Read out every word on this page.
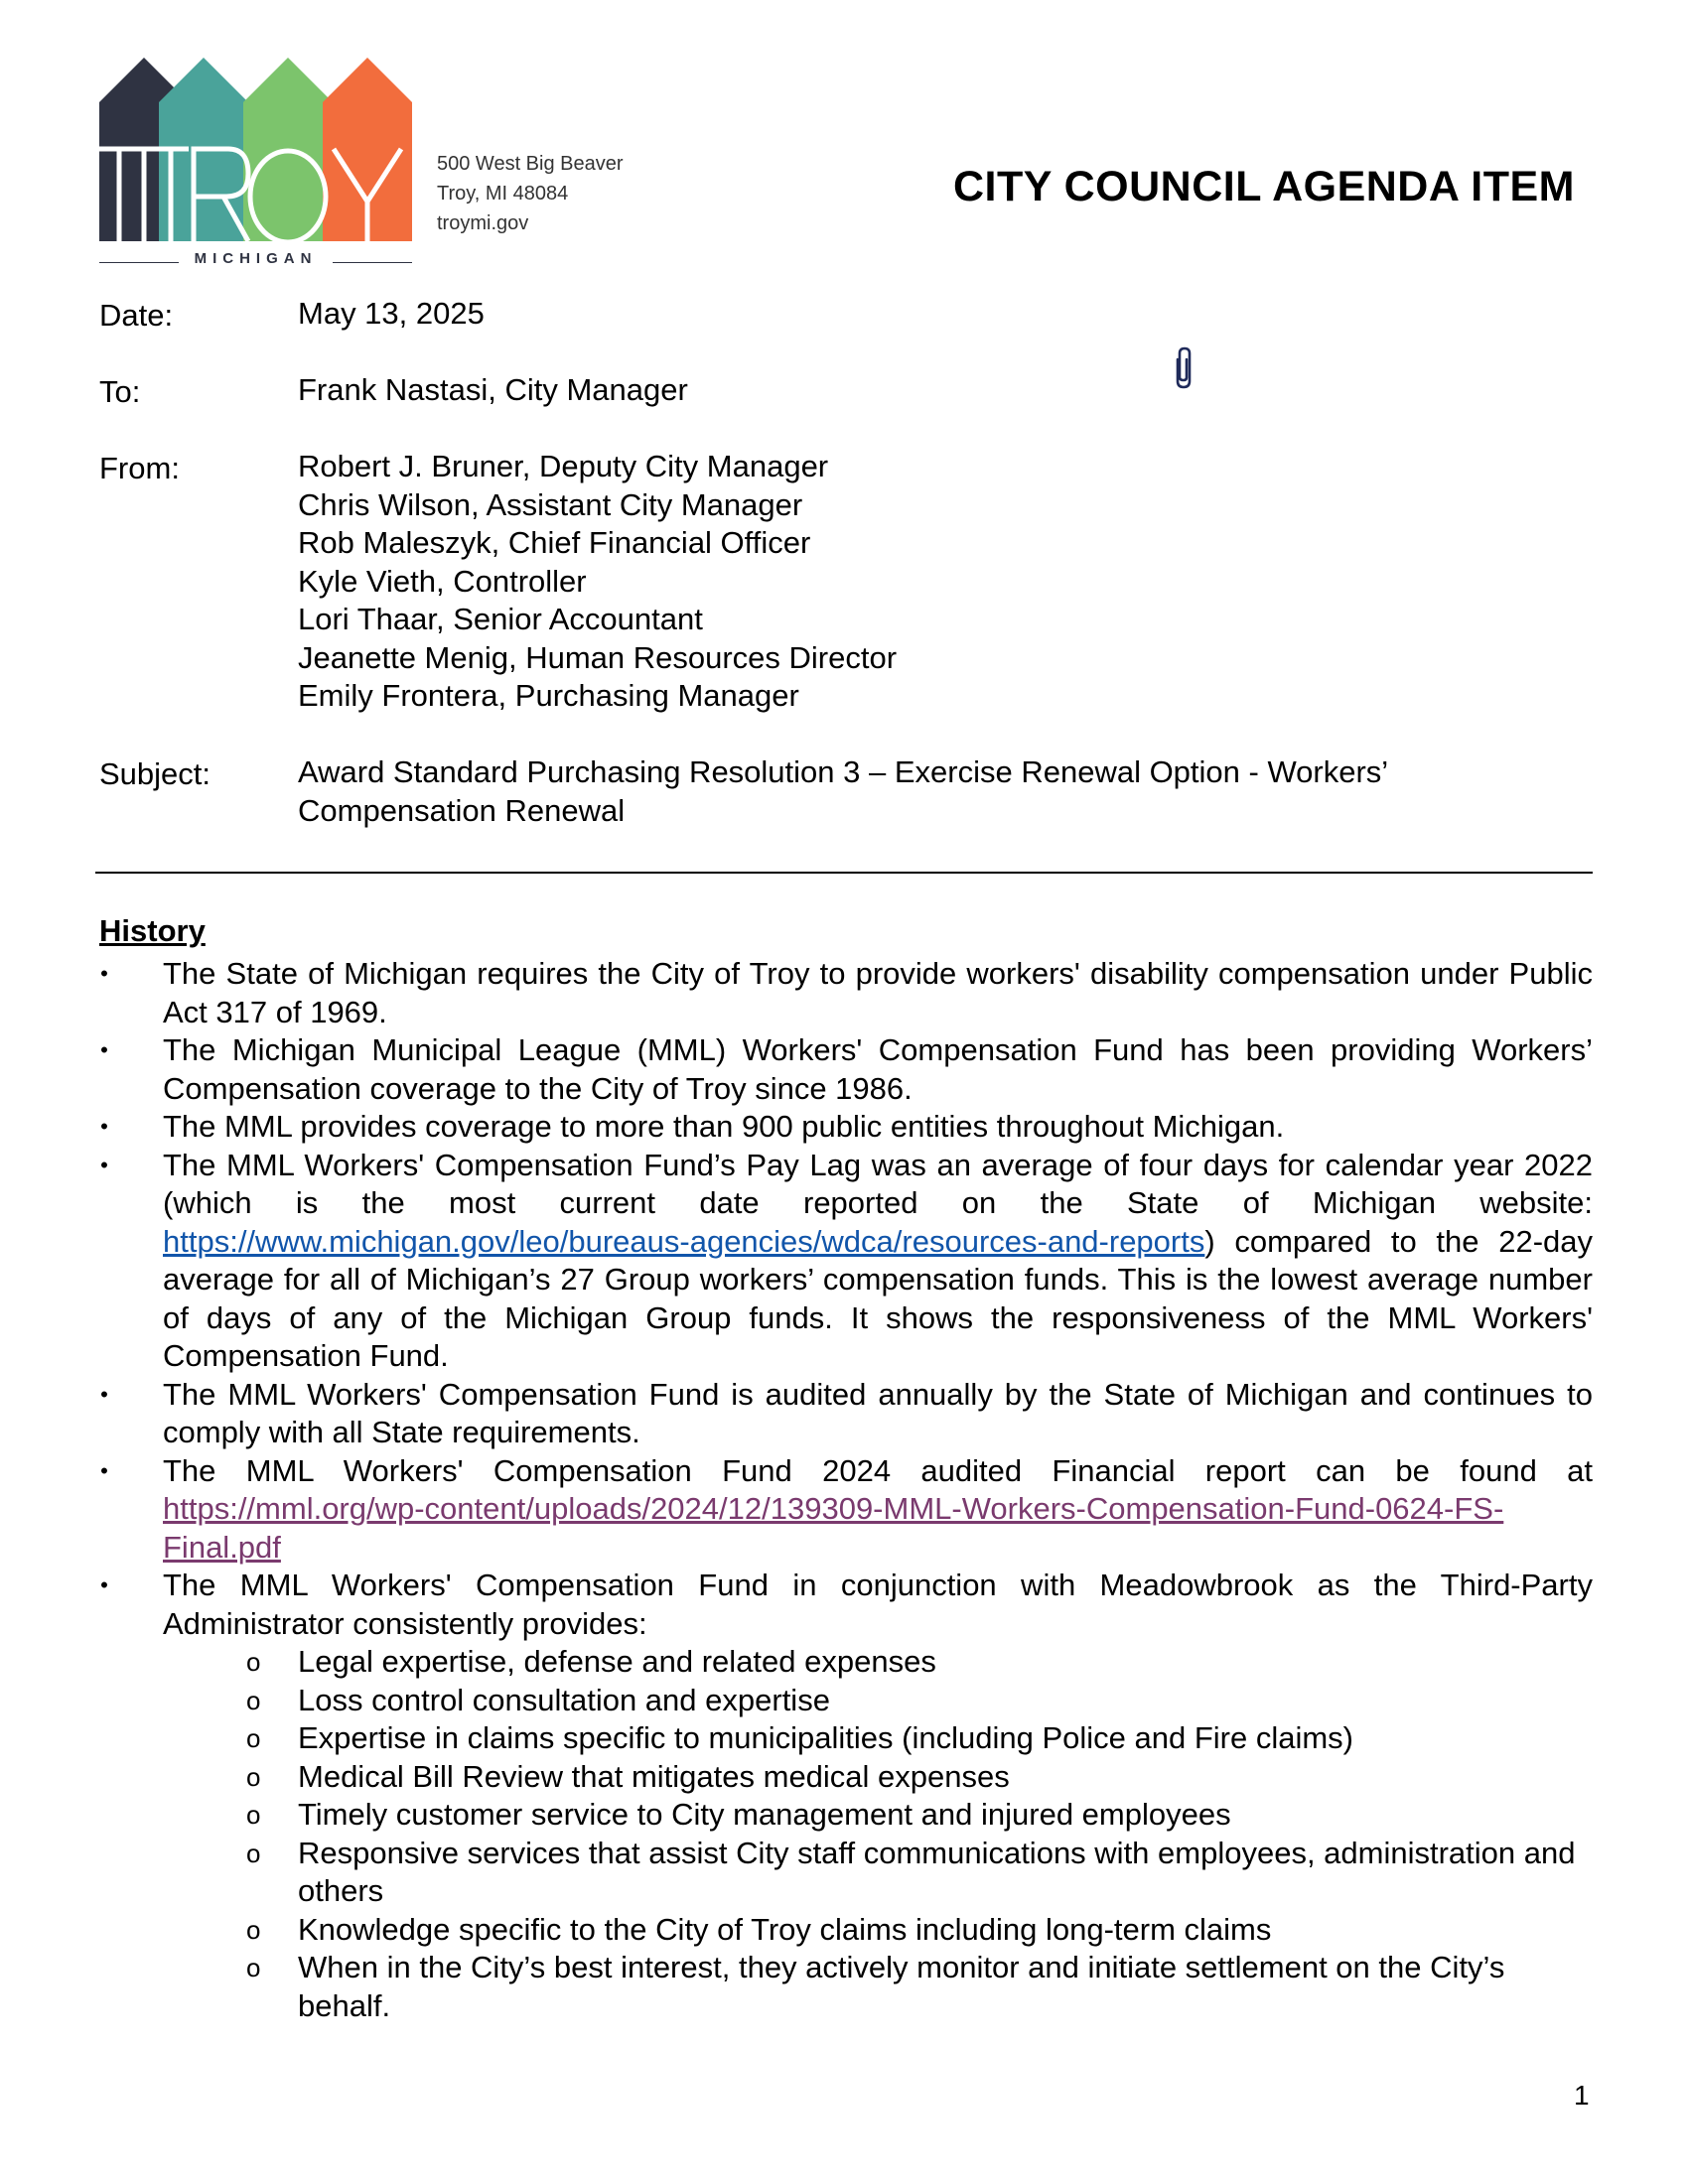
MICHIGAN
500 West Big Beaver
Troy, MI 48084
troymi.gov
CITY COUNCIL AGENDA ITEM
Date:	May 13, 2025
To:	Frank Nastasi, City Manager
From:	Robert J. Bruner, Deputy City Manager
Chris Wilson, Assistant City Manager
Rob Maleszyk, Chief Financial Officer
Kyle Vieth, Controller
Lori Thaar, Senior Accountant
Jeanette Menig, Human Resources Director
Emily Frontera, Purchasing Manager
Subject:	Award Standard Purchasing Resolution 3 – Exercise Renewal Option - Workers’
Compensation Renewal
History
• The State of Michigan requires the City of Troy to provide workers' disability compensation under Public Act 317 of 1969.
• The Michigan Municipal League (MML) Workers' Compensation Fund has been providing Workers’ Compensation coverage to the City of Troy since 1986.
• The MML provides coverage to more than 900 public entities throughout Michigan.
• The MML Workers' Compensation Fund’s Pay Lag was an average of four days for calendar year 2022 (which is the most current date reported on the State of Michigan website: https://www.michigan.gov/leo/bureaus-agencies/wdca/resources-and-reports) compared to the 22-day average for all of Michigan’s 27 Group workers’ compensation funds. This is the lowest average number of days of any of the Michigan Group funds. It shows the responsiveness of the MML Workers' Compensation Fund.
• The MML Workers' Compensation Fund is audited annually by the State of Michigan and continues to comply with all State requirements.
• The MML Workers' Compensation Fund 2024 audited Financial report can be found at https://mml.org/wp-content/uploads/2024/12/139309-MML-Workers-Compensation-Fund-0624-FS-Final.pdf
• The MML Workers' Compensation Fund in conjunction with Meadowbrook as the Third-Party Administrator consistently provides:
o Legal expertise, defense and related expenses
o Loss control consultation and expertise
o Expertise in claims specific to municipalities (including Police and Fire claims)
o Medical Bill Review that mitigates medical expenses
o Timely customer service to City management and injured employees
o Responsive services that assist City staff communications with employees, administration and others
o Knowledge specific to the City of Troy claims including long-term claims
o When in the City’s best interest, they actively monitor and initiate settlement on the City’s behalf.
1
